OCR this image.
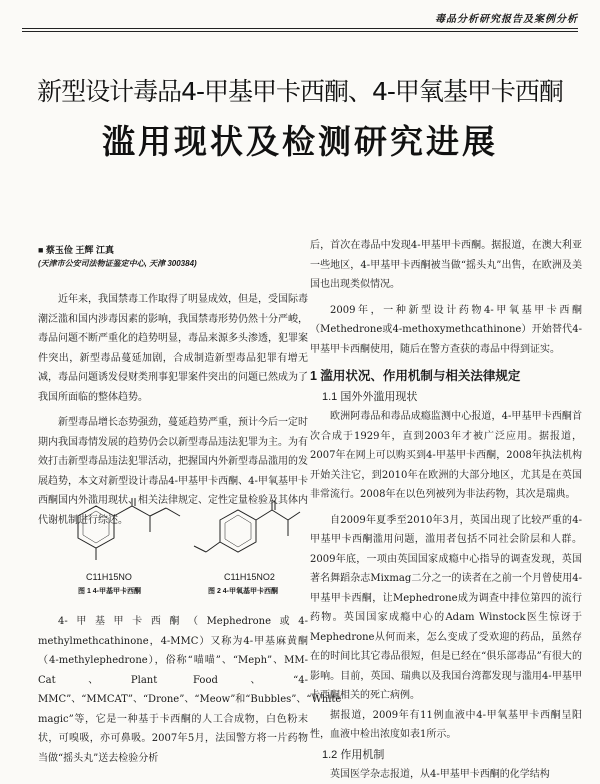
毒品分析研究报告及案例分析
新型设计毒品4-甲基甲卡西酮、4-甲氧基甲卡西酮
滥用现状及检测研究进展
■ 蔡玉俭 王辉 江真
(天津市公安司法物证鉴定中心, 天津 300384)

近年来，我国禁毒工作取得了明显成效，但是，受国际毒潮泛滥和国内涉毒因素的影响，我国禁毒形势仍然十分严峻，毒品问题不断严重化的趋势明显，毒品来源多头渗透，犯罪案件突出，新型毒品蔓延加剧，合成制造新型毒品犯罪有增无减，毒品问题诱发侵财类刑事犯罪案件突出的问题已然成为了我国所面临的整体趋势。

新型毒品增长态势强劲，蔓延趋势严重，预计今后一定时期内我国毒情发展的趋势仍会以新型毒品违法犯罪为主。为有效打击新型毒品违法犯罪活动，把握国内外新型毒品滥用的发展趋势，本文对新型设计毒品4-甲基甲卡西酮、4-甲氧基甲卡西酮国内外滥用现状、相关法律规定、定性定量检验及其体内代谢机制进行综述。

C11H15NO	C11H15NO2
图 1 4-甲基甲卡西酮	图 2 4-甲氧基甲卡西酮

4-甲基甲卡西酮（Mephedrone或4-methylmethcathinone，4-MMC）又称为4-甲基麻黄酮（4-methylephedrone），俗称“喵喵”、“Meph”、MM-Cat、Plant Food、“4-MMC”、“MMCAT”、“Drone”、“Meow”和“Bubbles”、“White magic”等，它是一种基于卡西酮的人工合成物，白色粉末状，可嗅吸，亦可鼻吸。2007年5月，法国警方将一片药物当做“摇头丸”送去检验分析

后，首次在毒品中发现4-甲基甲卡西酮。据报道，在澳大利亚一些地区，4-甲基甲卡西酮被当做“摇头丸”出售，在欧洲及美国也出现类似情况。

2009年，一种新型设计药物4-甲氧基甲卡西酮（Methedrone或4-methoxymethcathinone）开始替代4-甲基甲卡西酮使用，随后在警方查获的毒品中得到证实。

1 滥用状况、作用机制与相关法律规定

1.1 国外外滥用现状

欧洲阿毒品和毒品成瘾监测中心报道，4-甲基甲卡西酮首次合成于1929年，直到2003年才被广泛应用。据报道，2007年在网上可以购买到4-甲基甲卡西酮，2008年执法机构开始关注它，到2010年在欧洲的大部分地区，尤其是在英国非常流行。2008年在以色列被列为非法药物，其次是瑞典。

自2009年夏季至2010年3月，英国出现了比较严重的4-甲基甲卡西酮滥用问题，滥用者包括不同社会阶层和人群。2009年底，一项由英国国家成瘾中心指导的调查发现，英国著名舞蹈杂志Mixmag二分之一的读者在之前一个月曾使用4-甲基甲卡西酮，让Mephedrone成为调查中排位第四的流行药物。英国国家成瘾中心的Adam Winstock医生惊讶于Mephedrone从何而来，怎么变成了受欢迎的药品，虽然存在的时间比其它毒品很短，但是已经在“俱乐部毒品”有很大的影响。目前，英国、瑞典以及我国台湾都发现与滥用4-甲基甲卡西酮相关的死亡病例。

据报道，2009年有11例血液中4-甲氧基甲卡西酮呈阳性，血液中检出浓度如表1所示。

1.2 作用机制

英国医学杂志报道，从4-甲基甲卡西酮的化学结构
